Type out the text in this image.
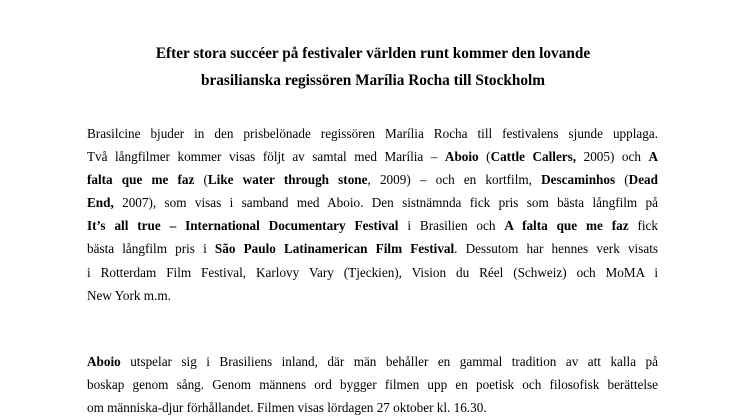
Efter stora succéer på festivaler världen runt kommer den lovande
brasilianska regissören Marília Rocha till Stockholm
Brasilcine bjuder in den prisbelönade regissören Marília Rocha till festivalens sjunde upplaga.
Två långfilmer kommer visas följt av samtal med Marília – Aboio (Cattle Callers, 2005) och A
falta que me faz (Like water through stone, 2009) – och en kortfilm, Descaminhos (Dead
End, 2007), som visas i samband med Aboio. Den sistnämnda fick pris som bästa långfilm på
It’s all true – International Documentary Festival i Brasilien och A falta que me faz fick
bästa långfilm pris i São Paulo Latinamerican Film Festival. Dessutom har hennes verk visats
i Rotterdam Film Festival, Karlovy Vary (Tjeckien), Vision du Réel (Schweiz) och MoMA i
New York m.m.
Aboio utspelar sig i Brasiliens inland, där män behåller en gammal tradition av att kalla på
boskap genom sång. Genom männens ord bygger filmen upp en poetisk och filosofisk berättelse
om människa-djur förhållandet. Filmen visas lördagen 27 oktober kl. 16.30.
